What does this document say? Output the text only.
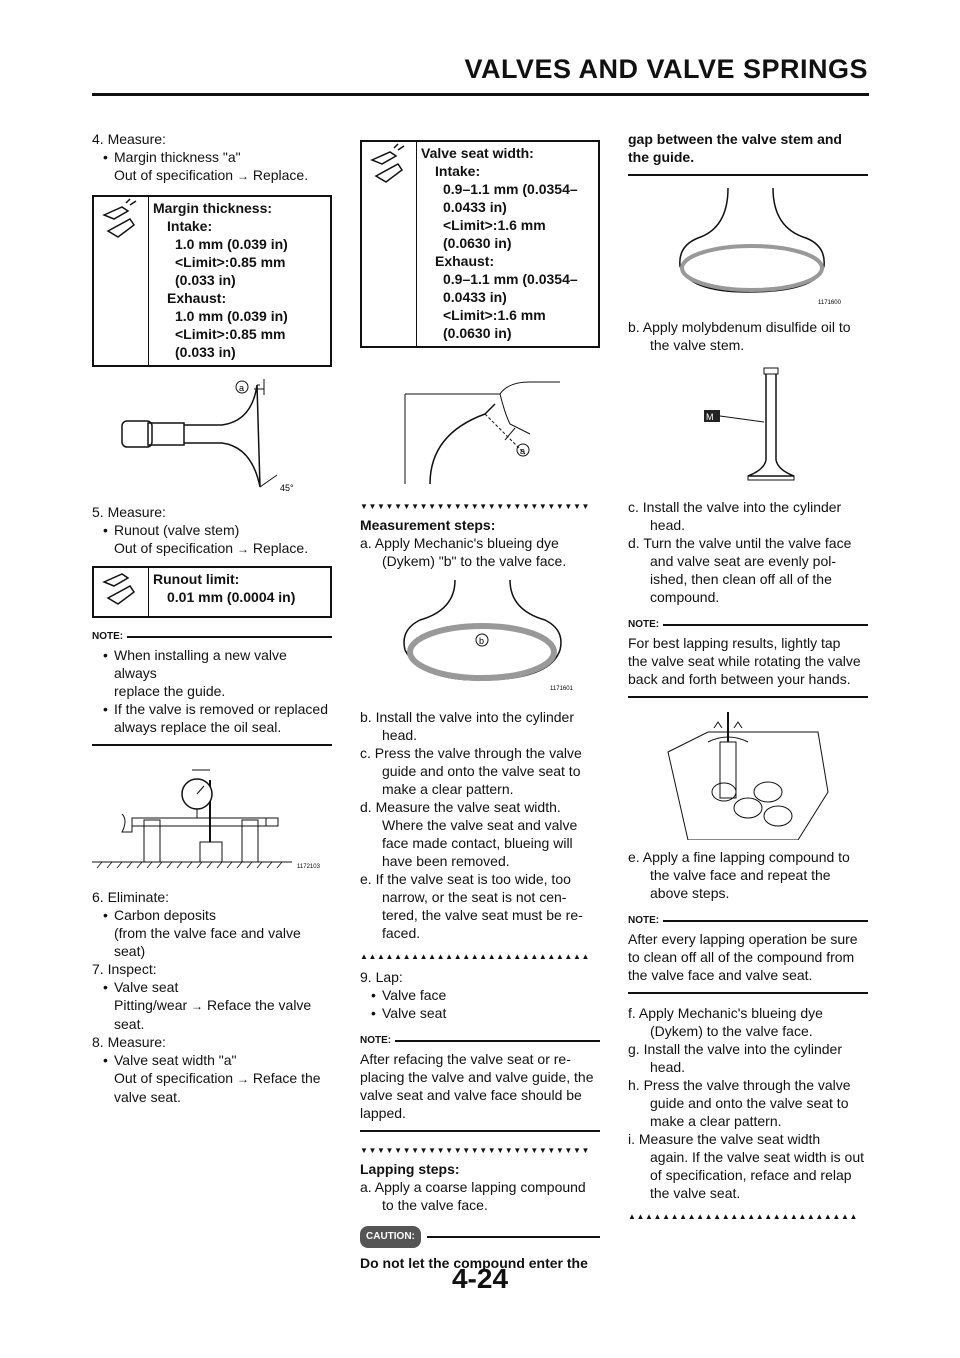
VALVES AND VALVE SPRINGS

4. Measure:

• Margin thickness "a"

Out of specification → Replace.

Margin thickness:
Intake:
1.0 mm (0.039 in)
<Limit>:0.85 mm
(0.033 in)
Exhaust:
1.0 mm (0.039 in)
<Limit>:0.85 mm
(0.033 in)
a
45°

5. Measure:

• Runout (valve stem)

Out of specification → Replace.

Runout limit:
0.01 mm (0.0004 in)
NOTE:

• When installing a new valve always
replace the guide.

• If the valve is removed or replaced
always replace the oil seal.

1172103

6. Eliminate:

• Carbon deposits

(from the valve face and valve

seat)

7. Inspect:

• Valve seat

Pitting/wear → Reface the valve

seat.

8. Measure:

• Valve seat width "a"

Out of specification → Reface the

valve seat.

Valve seat width:
Intake:
0.9–1.1 mm (0.0354–
0.0433 in)
<Limit>:1.6 mm
(0.0630 in)
Exhaust:
0.9–1.1 mm (0.0354–
0.0433 in)
<Limit>:1.6 mm
(0.0630 in)
a
▼▼▼▼▼▼▼▼▼▼▼▼▼▼▼▼▼▼▼▼▼▼▼▼▼▼▼

Measurement steps:

a. Apply Mechanic's blueing dye
(Dykem) "b" to the valve face.

b
1171601

b. Install the valve into the cylinder
head.

c. Press the valve through the valve
guide and onto the valve seat to
make a clear pattern.

d. Measure the valve seat width.
Where the valve seat and valve
face made contact, blueing will
have been removed.

e. If the valve seat is too wide, too
narrow, or the seat is not cen-
tered, the valve seat must be re-
faced.

▲▲▲▲▲▲▲▲▲▲▲▲▲▲▲▲▲▲▲▲▲▲▲▲▲▲▲

9. Lap:

• Valve face

• Valve seat

NOTE:

After refacing the valve seat or re-

placing the valve and valve guide, the

valve seat and valve face should be

lapped.

▼▼▼▼▼▼▼▼▼▼▼▼▼▼▼▼▼▼▼▼▼▼▼▼▼▼▼

Lapping steps:

a. Apply a coarse lapping compound
to the valve face.

CAUTION:

Do not let the compound enter the

gap between the valve stem and

the guide.

1171600

b. Apply molybdenum disulfide oil to
the valve stem.

M

c. Install the valve into the cylinder
head.

d. Turn the valve until the valve face
and valve seat are evenly pol-
ished, then clean off all of the
compound.

NOTE:

For best lapping results, lightly tap

the valve seat while rotating the valve

back and forth between your hands.

e. Apply a fine lapping compound to
the valve face and repeat the
above steps.

NOTE:

After every lapping operation be sure

to clean off all of the compound from

the valve face and valve seat.

f. Apply Mechanic's blueing dye
(Dykem) to the valve face.

g. Install the valve into the cylinder
head.

h. Press the valve through the valve
guide and onto the valve seat to
make a clear pattern.

i. Measure the valve seat width
again. If the valve seat width is out
of specification, reface and relap
the valve seat.

▲▲▲▲▲▲▲▲▲▲▲▲▲▲▲▲▲▲▲▲▲▲▲▲▲▲▲
4-24
